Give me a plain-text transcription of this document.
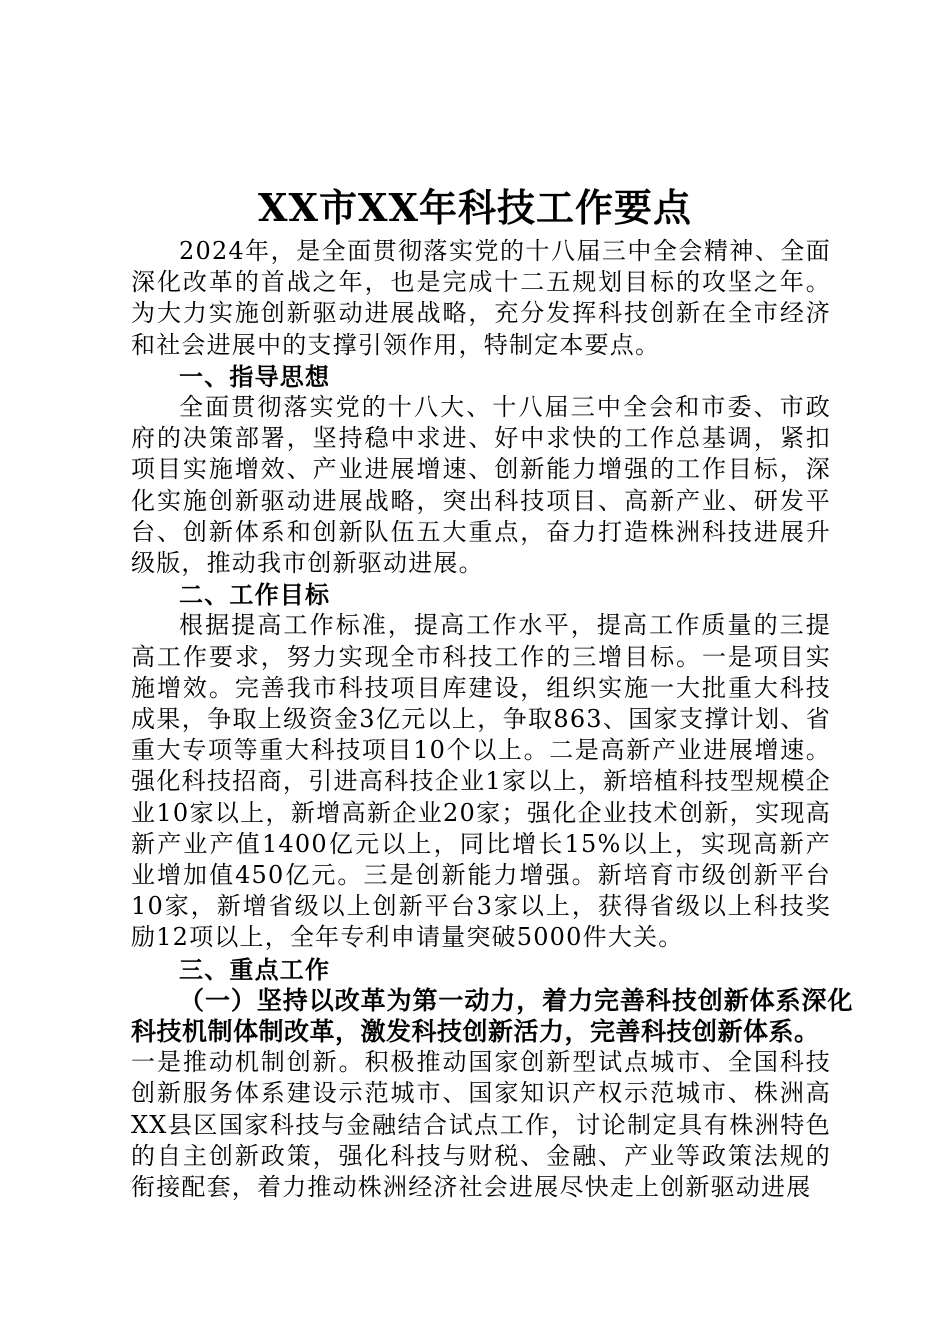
XX市XX年科技工作要点

2024年，是全面贯彻落实党的十八届三中全会精神、全面深化改革的首战之年，也是完成十二五规划目标的攻坚之年。为大力实施创新驱动进展战略，充分发挥科技创新在全市经济和社会进展中的支撑引领作用，特制定本要点。

一、指导思想

全面贯彻落实党的十八大、十八届三中全会和市委、市政府的决策部署，坚持稳中求进、好中求快的工作总基调，紧扣项目实施增效、产业进展增速、创新能力增强的工作目标，深化实施创新驱动进展战略，突出科技项目、高新产业、研发平台、创新体系和创新队伍五大重点，奋力打造株洲科技进展升级版，推动我市创新驱动进展。

二、工作目标

根据提高工作标准，提高工作水平，提高工作质量的三提高工作要求，努力实现全市科技工作的三增目标。一是项目实施增效。完善我市科技项目库建设，组织实施一大批重大科技成果，争取上级资金3亿元以上，争取863、国家支撑计划、省重大专项等重大科技项目10个以上。二是高新产业进展增速。强化科技招商，引进高科技企业1家以上，新培植科技型规模企业10家以上，新增高新企业20家；强化企业技术创新，实现高新产业产值1400亿元以上，同比增长15%以上，实现高新产业增加值450亿元。三是创新能力增强。新培育市级创新平台10家，新增省级以上创新平台3家以上，获得省级以上科技奖励12项以上，全年专利申请量突破5000件大关。

三、重点工作

（一）坚持以改革为第一动力，着力完善科技创新体系深化科技机制体制改革，激发科技创新活力，完善科技创新体系。

一是推动机制创新。积极推动国家创新型试点城市、全国科技创新服务体系建设示范城市、国家知识产权示范城市、株洲高XX县区国家科技与金融结合试点工作，讨论制定具有株洲特色的自主创新政策，强化科技与财税、金融、产业等政策法规的衔接配套，着力推动株洲经济社会进展尽快走上创新驱动进展
